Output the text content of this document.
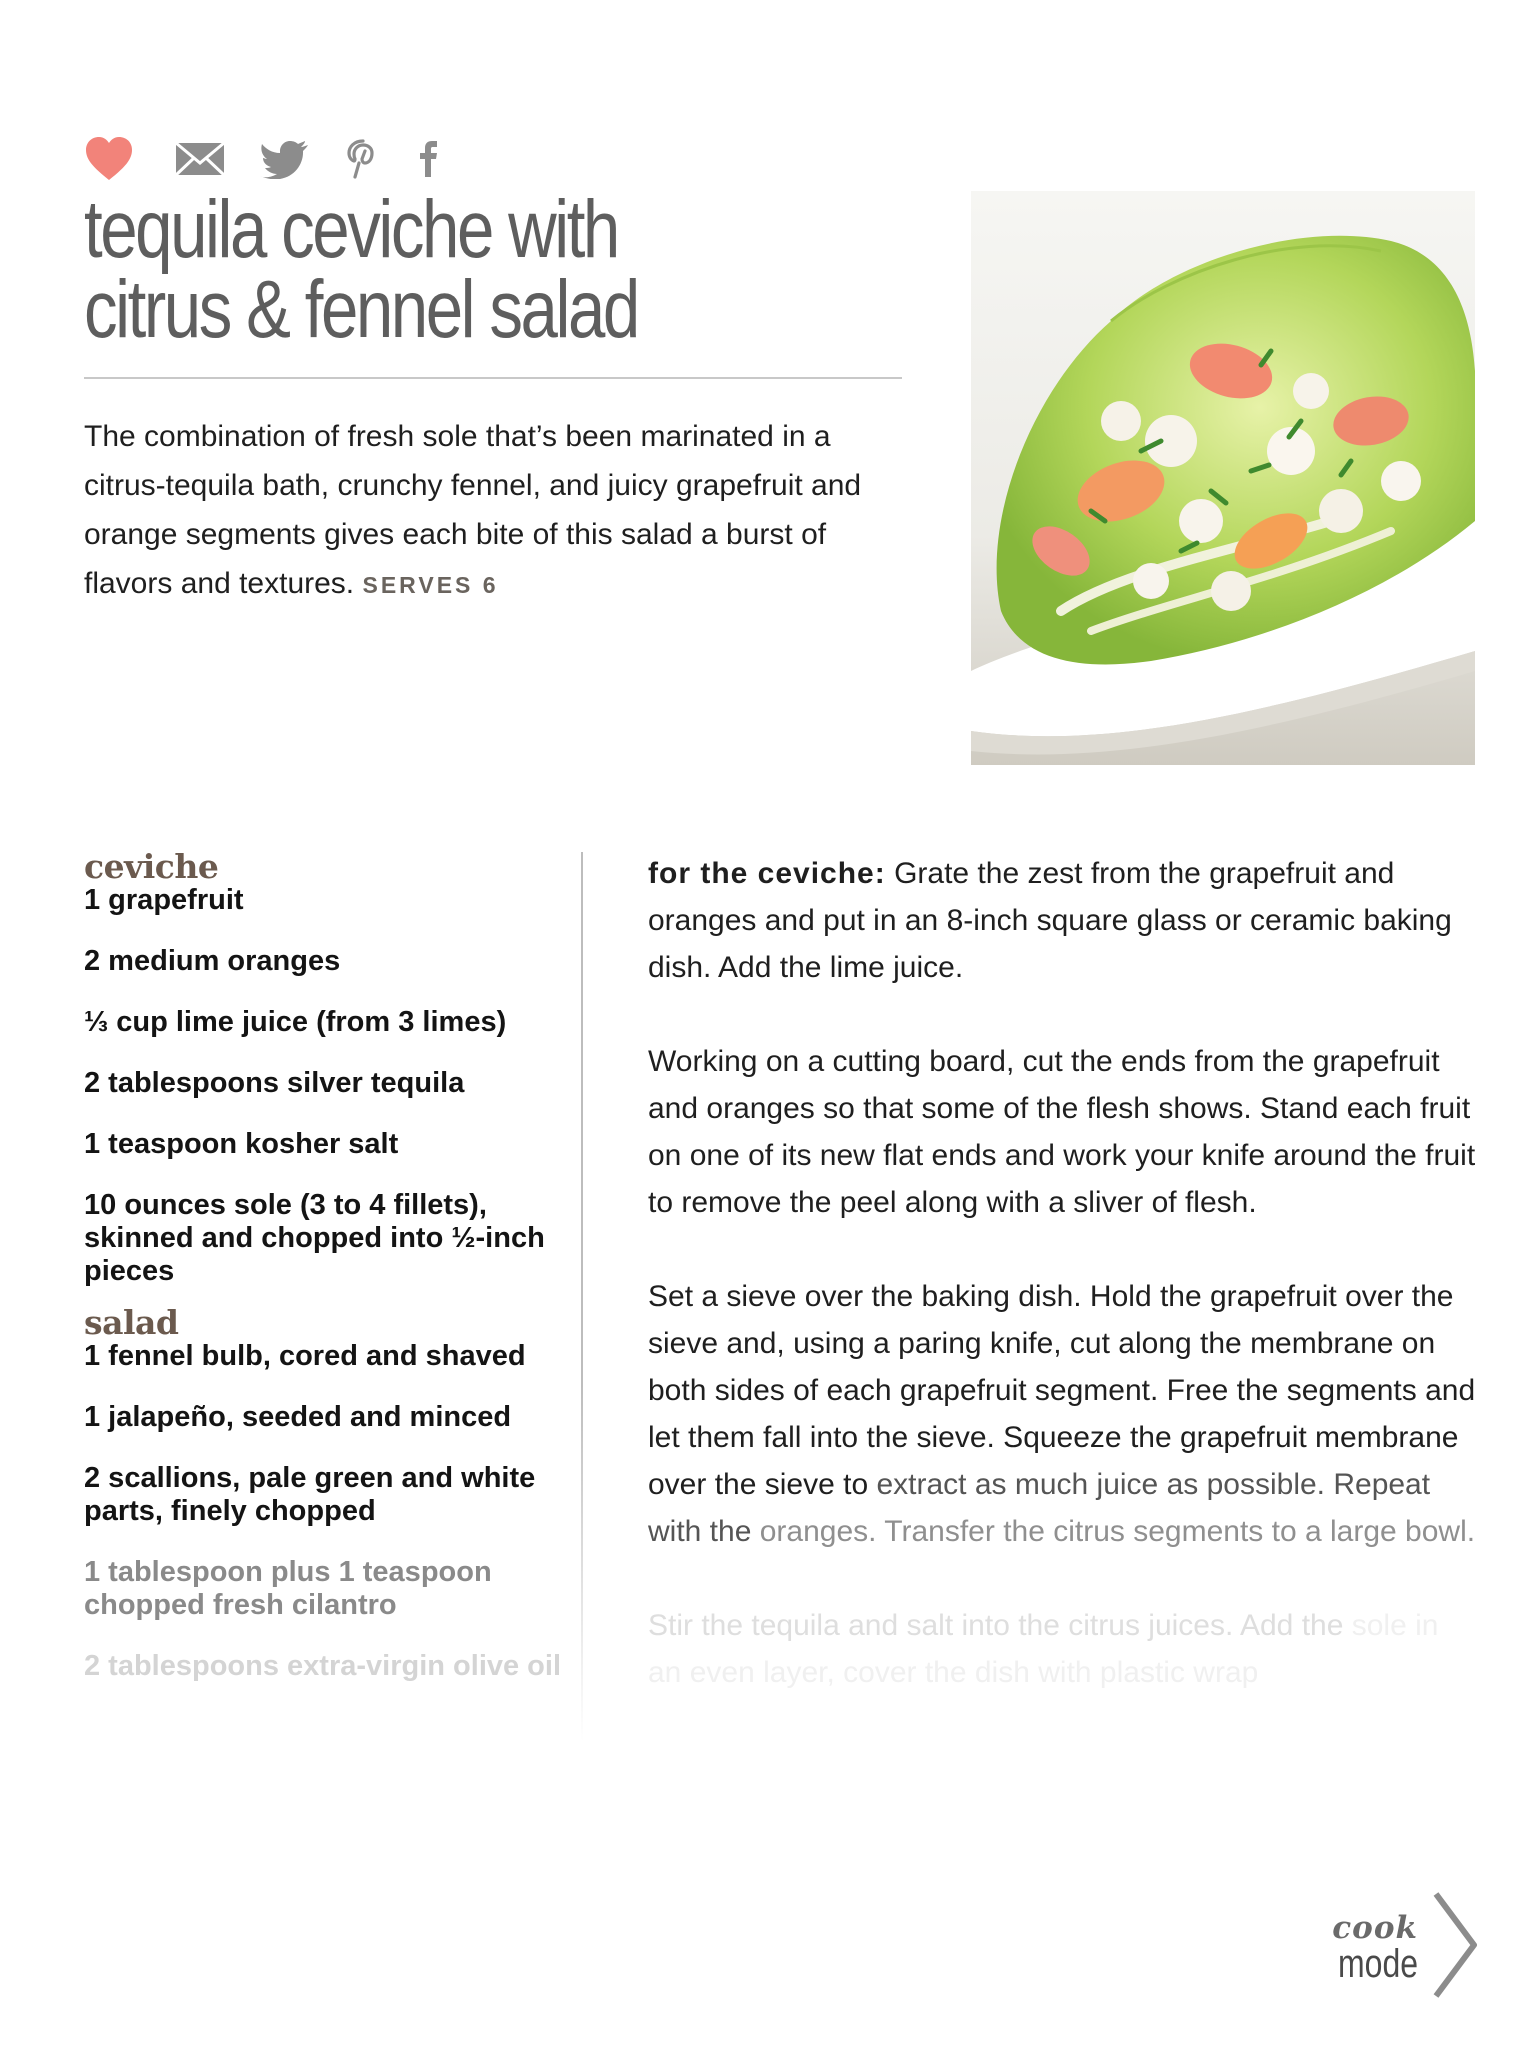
tequila ceviche with
citrus & fennel salad

The combination of fresh sole that’s been marinated in a citrus-tequila bath, crunchy fennel, and juicy grapefruit and orange segments gives each bite of this salad a burst of flavors and textures. SERVES 6

ceviche

1 grapefruit

2 medium oranges

⅓ cup lime juice (from 3 limes)

2 tablespoons silver tequila

1 teaspoon kosher salt

10 ounces sole (3 to 4 fillets), skinned and chopped into ½-inch pieces

salad

1 fennel bulb, cored and shaved

1 jalapeño, seeded and minced

2 scallions, pale green and white parts, finely chopped

1 tablespoon plus 1 teaspoon chopped fresh cilantro

2 tablespoons extra-virgin olive oil

for the ceviche: Grate the zest from the grapefruit and oranges and put in an 8-inch square glass or ceramic baking dish. Add the lime juice.

Working on a cutting board, cut the ends from the grapefruit and oranges so that some of the flesh shows. Stand each fruit on one of its new flat ends and work your knife around the fruit to remove the peel along with a sliver of flesh.

Set a sieve over the baking dish. Hold the grapefruit over the sieve and, using a paring knife, cut along the membrane on both sides of each grapefruit segment. Free the segments and let them fall into the sieve. Squeeze the grapefruit membrane over the sieve to extract as much juice as possible. Repeat with the oranges. Transfer the citrus segments to a large bowl.

Stir the tequila and salt into the citrus juices. Add the sole in an even layer, cover the dish with plastic wrap

cook
mode
